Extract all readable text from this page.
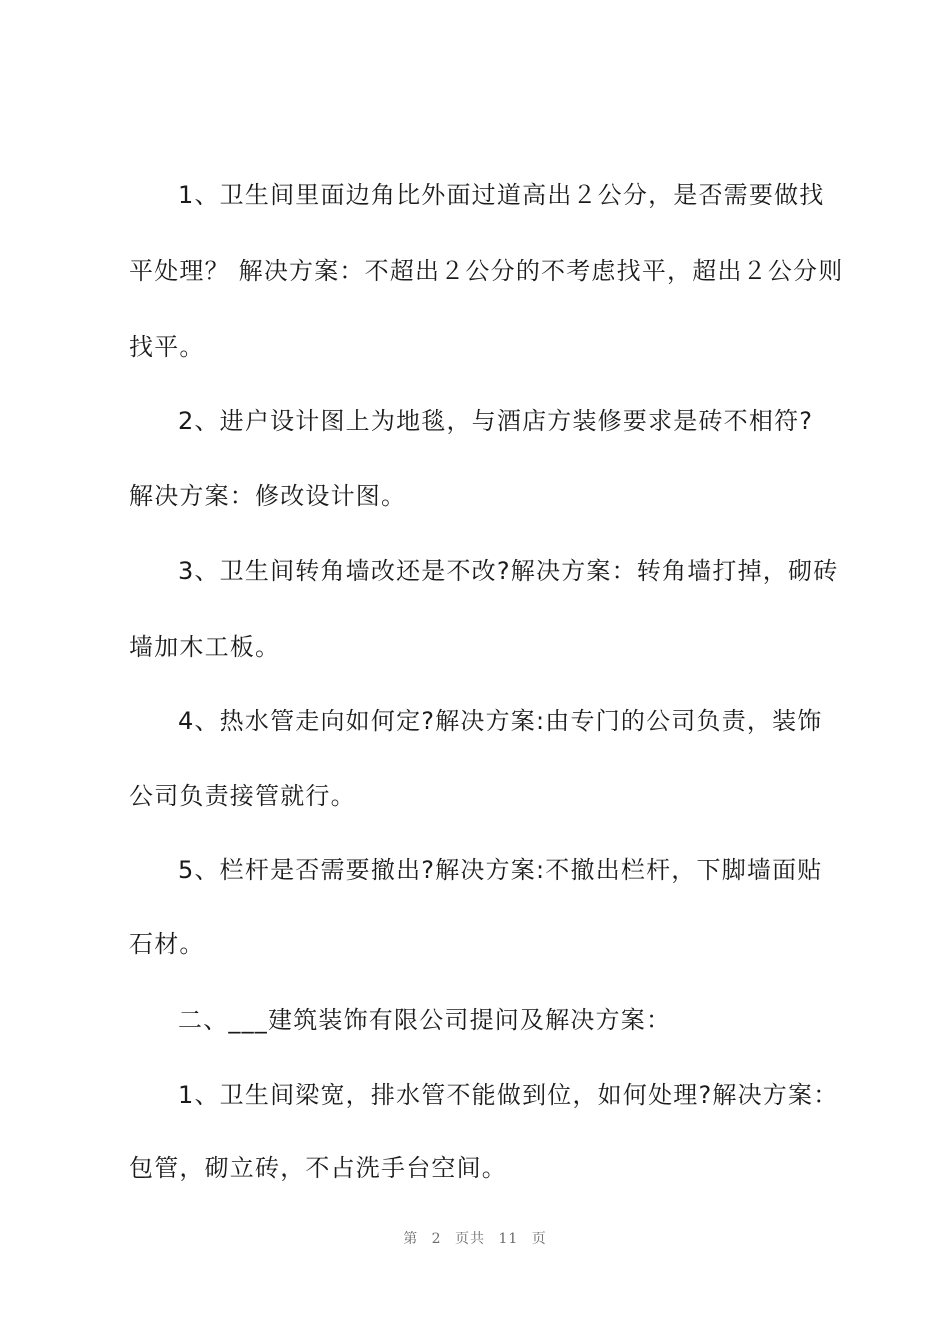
1、卫生间里面边角比外面过道高出２公分，是否需要做找
平处理？ 解决方案：不超出２公分的不考虑找平，超出２公分则
找平。
2、进户设计图上为地毯，与酒店方装修要求是砖不相符?
解决方案：修改设计图。
3、卫生间转角墙改还是不改?解决方案：转角墙打掉，砌砖
墙加木工板。
4、热水管走向如何定?解决方案:由专门的公司负责，装饰
公司负责接管就行。
5、栏杆是否需要撤出?解决方案:不撤出栏杆，下脚墙面贴
石材。
二、___建筑装饰有限公司提问及解决方案：
1、卫生间梁宽，排水管不能做到位，如何处理?解决方案：
包管，砌立砖，不占洗手台空间。
第 2 页共 11 页
